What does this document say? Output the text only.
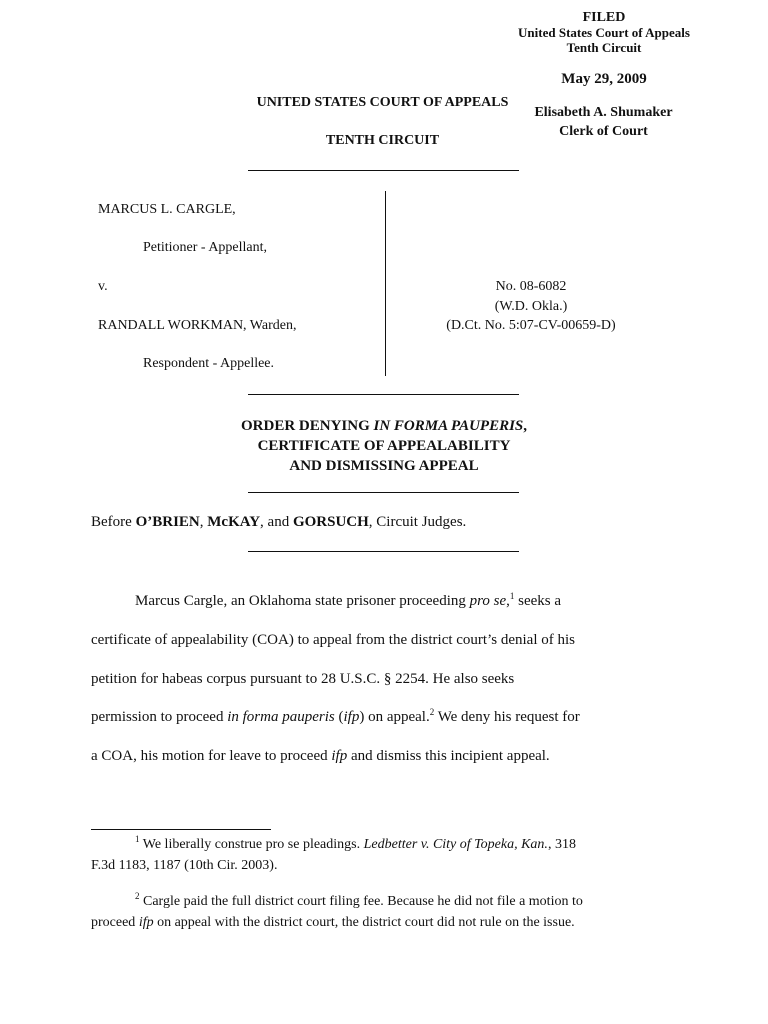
FILED
United States Court of Appeals
Tenth Circuit
May 29, 2009
Elisabeth A. Shumaker
Clerk of Court
UNITED STATES COURT OF APPEALS
TENTH CIRCUIT
MARCUS L. CARGLE,
Petitioner - Appellant,
v.
RANDALL WORKMAN, Warden,
Respondent - Appellee.
No. 08-6082
(W.D. Okla.)
(D.Ct. No. 5:07-CV-00659-D)
ORDER DENYING IN FORMA PAUPERIS,
CERTIFICATE OF APPEALABILITY
AND DISMISSING APPEAL
Before O’BRIEN, McKAY, and GORSUCH, Circuit Judges.
Marcus Cargle, an Oklahoma state prisoner proceeding pro se,$^1$ seeks a
certificate of appealability (COA) to appeal from the district court’s denial of his
petition for habeas corpus pursuant to 28 U.S.C. § 2254. He also seeks
permission to proceed in forma pauperis (ifp) on appeal.$^2$ We deny his request for
a COA, his motion for leave to proceed ifp and dismiss this incipient appeal.
$^1$ We liberally construe pro se pleadings. Ledbetter v. City of Topeka, Kan., 318
F.3d 1183, 1187 (10th Cir. 2003).
$^2$ Cargle paid the full district court filing fee. Because he did not file a motion to
proceed ifp on appeal with the district court, the district court did not rule on the issue.
